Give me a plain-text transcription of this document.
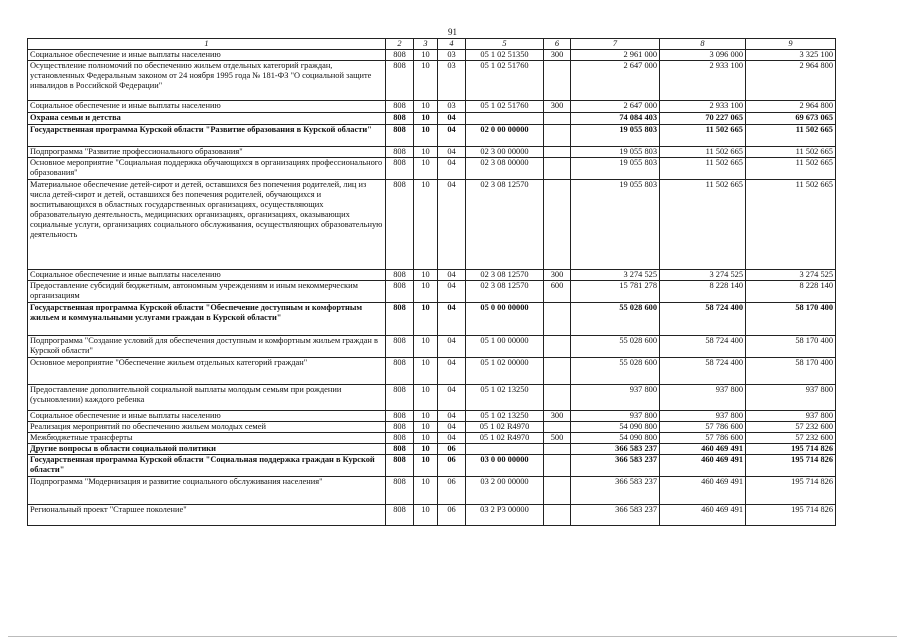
91
1	2	3	4	5	6	7	8	9
Социальное обеспечение и иные выплаты населению	808	10	03	05 1 02 51350	300	2 961 000	3 096 000	3 325 100
Осуществление полномочий по обеспечению жильем отдельных категорий граждан, установленных Федеральным законом от 24 ноября 1995 года № 181-ФЗ "О социальной защите инвалидов в Российской Федерации"	808	10	03	05 1 02 51760		2 647 000	2 933 100	2 964 800
Социальное обеспечение и иные выплаты населению	808	10	03	05 1 02 51760	300	2 647 000	2 933 100	2 964 800
Охрана семьи и детства	808	10	04			74 084 403	70 227 065	69 673 065
Государственная программа Курской области "Развитие образования в Курской области"	808	10	04	02 0 00 00000		19 055 803	11 502 665	11 502 665
Подпрограмма "Развитие профессионального образования"	808	10	04	02 3 00 00000		19 055 803	11 502 665	11 502 665
Основное мероприятие "Социальная поддержка обучающихся в организациях профессионального образования"	808	10	04	02 3 08 00000		19 055 803	11 502 665	11 502 665
Материальное обеспечение детей-сирот и детей, оставшихся без попечения родителей, лиц из числа детей-сирот и детей, оставшихся без попечения родителей, обучающихся и воспитывающихся в областных государственных организациях, осуществляющих образовательную деятельность, медицинских организациях, организациях, оказывающих социальные услуги, организациях социального обслуживания, осуществляющих образовательную деятельность	808	10	04	02 3 08 12570		19 055 803	11 502 665	11 502 665
Социальное обеспечение и иные выплаты населению	808	10	04	02 3 08 12570	300	3 274 525	3 274 525	3 274 525
Предоставление субсидий бюджетным, автономным учреждениям и иным некоммерческим организациям	808	10	04	02 3 08 12570	600	15 781 278	8 228 140	8 228 140
Государственная программа Курской области "Обеспечение доступным и комфортным жильем и коммунальными услугами граждан в Курской области"	808	10	04	05 0 00 00000		55 028 600	58 724 400	58 170 400
Подпрограмма "Создание условий для обеспечения доступным и комфортным жильем граждан в Курской области"	808	10	04	05 1 00 00000		55 028 600	58 724 400	58 170 400
Основное мероприятие "Обеспечение жильем отдельных категорий граждан"	808	10	04	05 1 02 00000		55 028 600	58 724 400	58 170 400
Предоставление дополнительной социальной выплаты молодым семьям при рождении (усыновлении) каждого ребенка	808	10	04	05 1 02 13250		937 800	937 800	937 800
Социальное обеспечение и иные выплаты населению	808	10	04	05 1 02 13250	300	937 800	937 800	937 800
Реализация мероприятий по обеспечению жильем молодых семей	808	10	04	05 1 02 R4970		54 090 800	57 786 600	57 232 600
Межбюджетные трансферты	808	10	04	05 1 02 R4970	500	54 090 800	57 786 600	57 232 600
Другие вопросы в области социальной политики	808	10	06			366 583 237	460 469 491	195 714 826
Государственная программа Курской области "Социальная поддержка граждан в Курской области"	808	10	06	03 0 00 00000		366 583 237	460 469 491	195 714 826
Подпрограмма "Модернизация и развитие социального обслуживания населения"	808	10	06	03 2 00 00000		366 583 237	460 469 491	195 714 826
Региональный проект "Старшее поколение"	808	10	06	03 2 P3 00000		366 583 237	460 469 491	195 714 826
